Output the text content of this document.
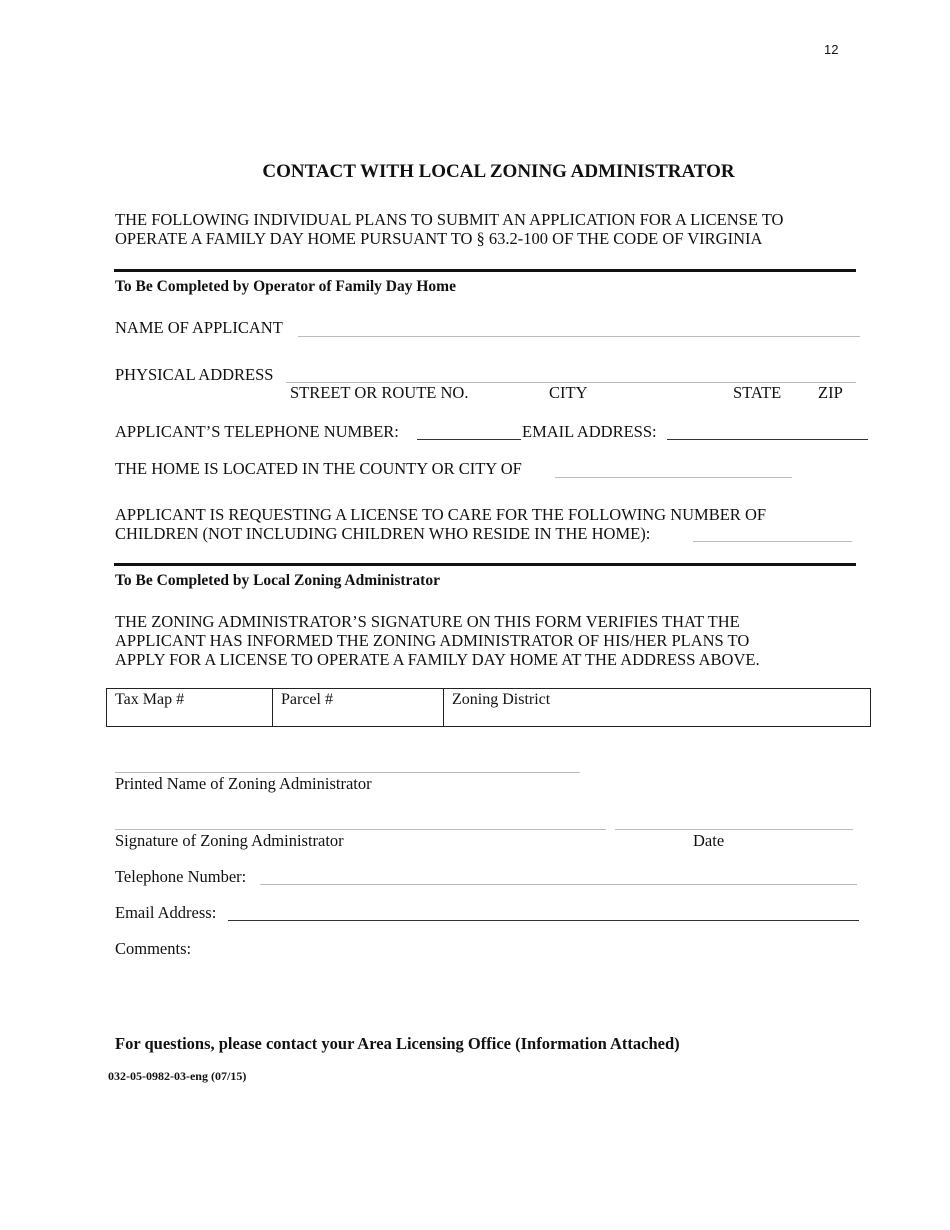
12
CONTACT WITH LOCAL ZONING ADMINISTRATOR
THE FOLLOWING INDIVIDUAL PLANS TO SUBMIT AN APPLICATION FOR A LICENSE TO
OPERATE A FAMILY DAY HOME PURSUANT TO § 63.2-100 OF THE CODE OF VIRGINIA
To Be Completed by Operator of Family Day Home
NAME OF APPLICANT
PHYSICAL ADDRESS
STREET OR ROUTE NO.	CITY	STATE ZIP
APPLICANT’S TELEPHONE NUMBER:	EMAIL ADDRESS:
THE HOME IS LOCATED IN THE COUNTY OR CITY OF
APPLICANT IS REQUESTING A LICENSE TO CARE FOR THE FOLLOWING NUMBER OF
CHILDREN (NOT INCLUDING CHILDREN WHO RESIDE IN THE HOME):
To Be Completed by Local Zoning Administrator
THE ZONING ADMINISTRATOR’S SIGNATURE ON THIS FORM VERIFIES THAT THE
APPLICANT HAS INFORMED THE ZONING ADMINISTRATOR OF HIS/HER PLANS TO
APPLY FOR A LICENSE TO OPERATE A FAMILY DAY HOME AT THE ADDRESS ABOVE.
Tax Map #	Parcel #	Zoning District
Printed Name of Zoning Administrator
Signature of Zoning Administrator	Date
Telephone Number:
Email Address:
Comments:
For questions, please contact your Area Licensing Office (Information Attached)
032-05-0982-03-eng (07/15)
